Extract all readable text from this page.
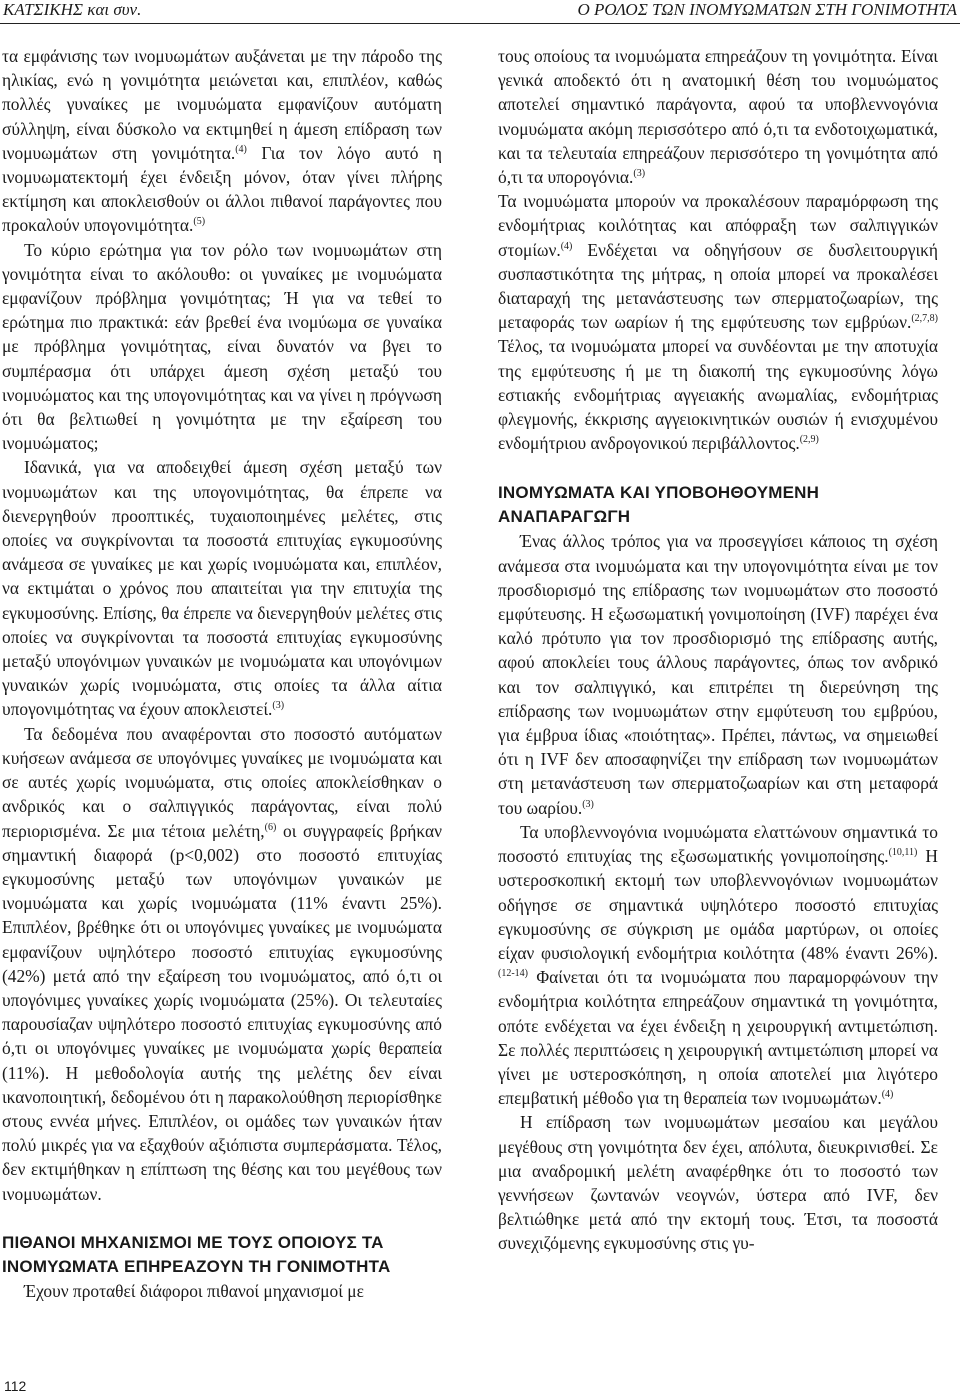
ΚΑΤΣΙΚΗΣ και συν.	Ο ΡΟΛΟΣ ΤΩΝ ΙΝΟΜΥΩΜΑΤΩΝ ΣΤΗ ΓΟΝΙΜΟΤΗΤΑ

τα εμφάνισης των ινομυωμάτων αυξάνεται με την πάροδο της ηλικίας, ενώ η γονιμότητα μειώνεται και, επιπλέον, καθώς πολλές γυναίκες με ινομυώματα εμφανίζουν αυτόματη σύλληψη, είναι δύσκολο να εκτιμηθεί η άμεση επίδραση των ινομυωμάτων στη γονιμότητα.$^{(4)}$ Για τον λόγο αυτό η ινομυωματεκτομή έχει ένδειξη μόνον, όταν γίνει πλήρης εκτίμηση και αποκλεισθούν οι άλλοι πιθανοί παράγοντες που προκαλούν υπογονιμότητα.$^{(5)}$

Το κύριο ερώτημα για τον ρόλο των ινομυωμάτων στη γονιμότητα είναι το ακόλουθο: οι γυναίκες με ινομυώματα εμφανίζουν πρόβλημα γονιμότητας; Ή για να τεθεί το ερώτημα πιο πρακτικά: εάν βρεθεί ένα ινομύωμα σε γυναίκα με πρόβλημα γονιμότητας, είναι δυνατόν να βγει το συμπέρασμα ότι υπάρχει άμεση σχέση μεταξύ του ινομυώματος και της υπογονιμότητας και να γίνει η πρόγνωση ότι θα βελτιωθεί η γονιμότητα με την εξαίρεση του ινομυώματος;

Ιδανικά, για να αποδειχθεί άμεση σχέση μεταξύ των ινομυωμάτων και της υπογονιμότητας, θα έπρεπε να διενεργηθούν προοπτικές, τυχαιοποιημένες μελέτες, στις οποίες να συγκρίνονται τα ποσοστά επιτυχίας εγκυμοσύνης ανάμεσα σε γυναίκες με και χωρίς ινομυώματα και, επιπλέον, να εκτιμάται ο χρόνος που απαιτείται για την επιτυχία της εγκυμοσύνης. Επίσης, θα έπρεπε να διενεργηθούν μελέτες στις οποίες να συγκρίνονται τα ποσοστά επιτυχίας εγκυμοσύνης μεταξύ υπογόνιμων γυναικών με ινομυώματα και υπογόνιμων γυναικών χωρίς ινομυώματα, στις οποίες τα άλλα αίτια υπογονιμότητας να έχουν αποκλειστεί.$^{(3)}$

Τα δεδομένα που αναφέρονται στο ποσοστό αυτόματων κυήσεων ανάμεσα σε υπογόνιμες γυναίκες με ινομυώματα και σε αυτές χωρίς ινομυώματα, στις οποίες αποκλείσθηκαν ο ανδρικός και ο σαλπιγγικός παράγοντας, είναι πολύ περιορισμένα. Σε μια τέτοια μελέτη,$^{(6)}$ οι συγγραφείς βρήκαν σημαντική διαφορά (p<0,002) στο ποσοστό επιτυχίας εγκυμοσύνης μεταξύ των υπογόνιμων γυναικών με ινομυώματα και χωρίς ινομυώματα (11% έναντι 25%). Επιπλέον, βρέθηκε ότι οι υπογόνιμες γυναίκες με ινομυώματα εμφανίζουν υψηλότερο ποσοστό επιτυχίας εγκυμοσύνης (42%) μετά από την εξαίρεση του ινομυώματος, από ό,τι οι υπογόνιμες γυναίκες χωρίς ινομυώματα (25%). Οι τελευταίες παρουσίαζαν υψηλότερο ποσοστό επιτυχίας εγκυμοσύνης από ό,τι οι υπογόνιμες γυναίκες με ινομυώματα χωρίς θεραπεία (11%). Η μεθοδολογία αυτής της μελέτης δεν είναι ικανοποιητική, δεδομένου ότι η παρακολούθηση περιορίσθηκε στους εννέα μήνες. Επιπλέον, οι ομάδες των γυναικών ήταν πολύ μικρές για να εξαχθούν αξιόπιστα συμπεράσματα. Τέλος, δεν εκτιμήθηκαν η επίπτωση της θέσης και του μεγέθους των ινομυωμάτων.

ΠΙΘΑΝΟΙ ΜΗΧΑΝΙΣΜΟΙ ΜΕ ΤΟΥΣ ΟΠΟΙΟΥΣ ΤΑ ΙΝΟΜΥΩΜΑΤΑ ΕΠΗΡΕΑΖΟΥΝ ΤΗ ΓΟΝΙΜΟΤΗΤΑ

Έχουν προταθεί διάφοροι πιθανοί μηχανισμοί με

τους οποίους τα ινομυώματα επηρεάζουν τη γονιμότητα. Είναι γενικά αποδεκτό ότι η ανατομική θέση του ινομυώματος αποτελεί σημαντικό παράγοντα, αφού τα υποβλεννογόνια ινομυώματα ακόμη περισσότερο από ό,τι τα ενδοτοιχωματικά, και τα τελευταία επηρεάζουν περισσότερο τη γονιμότητα από ό,τι τα υπορογόνια.$^{(3)}$

Τα ινομυώματα μπορούν να προκαλέσουν παραμόρφωση της ενδομήτριας κοιλότητας και απόφραξη των σαλπιγγικών στομίων.$^{(4)}$ Ενδέχεται να οδηγήσουν σε δυσλειτουργική συσπαστικότητα της μήτρας, η οποία μπορεί να προκαλέσει διαταραχή της μετανάστευσης των σπερματοζωαρίων, της μεταφοράς των ωαρίων ή της εμφύτευσης των εμβρύων.$^{(2,7,8)}$ Τέλος, τα ινομυώματα μπορεί να συνδέονται με την αποτυχία της εμφύτευσης ή με τη διακοπή της εγκυμοσύνης λόγω εστιακής ενδομήτριας αγγειακής ανωμαλίας, ενδομήτριας φλεγμονής, έκκρισης αγγειοκινητικών ουσιών ή ενισχυμένου ενδομήτριου ανδρογονικού περιβάλλοντος.$^{(2,9)}$

ΙΝΟΜΥΩΜΑΤΑ ΚΑΙ ΥΠΟΒΟΗΘΟΥΜΕΝΗ ΑΝΑΠΑΡΑΓΩΓΗ

Ένας άλλος τρόπος για να προσεγγίσει κάποιος τη σχέση ανάμεσα στα ινομυώματα και την υπογονιμότητα είναι με τον προσδιορισμό της επίδρασης των ινομυωμάτων στο ποσοστό εμφύτευσης. Η εξωσωματική γονιμοποίηση (IVF) παρέχει ένα καλό πρότυπο για τον προσδιορισμό της επίδρασης αυτής, αφού αποκλείει τους άλλους παράγοντες, όπως τον ανδρικό και τον σαλπιγγικό, και επιτρέπει τη διερεύνηση της επίδρασης των ινομυωμάτων στην εμφύτευση του εμβρύου, για έμβρυα ίδιας «ποιότητας». Πρέπει, πάντως, να σημειωθεί ότι η IVF δεν αποσαφηνίζει την επίδραση των ινομυωμάτων στη μετανάστευση των σπερματοζωαρίων και στη μεταφορά του ωαρίου.$^{(3)}$

Τα υποβλεννογόνια ινομυώματα ελαττώνουν σημαντικά το ποσοστό επιτυχίας της εξωσωματικής γονιμοποίησης.$^{(10,11)}$ Η υστεροσκοπική εκτομή των υποβλεννογόνιων ινομυωμάτων οδήγησε σε σημαντικά υψηλότερο ποσοστό επιτυχίας εγκυμοσύνης σε σύγκριση με ομάδα μαρτύρων, οι οποίες είχαν φυσιολογική ενδομήτρια κοιλότητα (48% έναντι 26%).$^{(12-14)}$ Φαίνεται ότι τα ινομυώματα που παραμορφώνουν την ενδομήτρια κοιλότητα επηρεάζουν σημαντικά τη γονιμότητα, οπότε ενδέχεται να έχει ένδειξη η χειρουργική αντιμετώπιση. Σε πολλές περιπτώσεις η χειρουργική αντιμετώπιση μπορεί να γίνει με υστεροσκόπηση, η οποία αποτελεί μια λιγότερο επεμβατική μέθοδο για τη θεραπεία των ινομυωμάτων.$^{(4)}$

Η επίδραση των ινομυωμάτων μεσαίου και μεγάλου μεγέθους στη γονιμότητα δεν έχει, απόλυτα, διευκρινισθεί. Σε μια αναδρομική μελέτη αναφέρθηκε ότι το ποσοστό των γεννήσεων ζωντανών νεογνών, ύστερα από IVF, δεν βελτιώθηκε μετά από την εκτομή τους. Έτσι, τα ποσοστά συνεχιζόμενης εγκυμοσύνης στις γυ-

112
